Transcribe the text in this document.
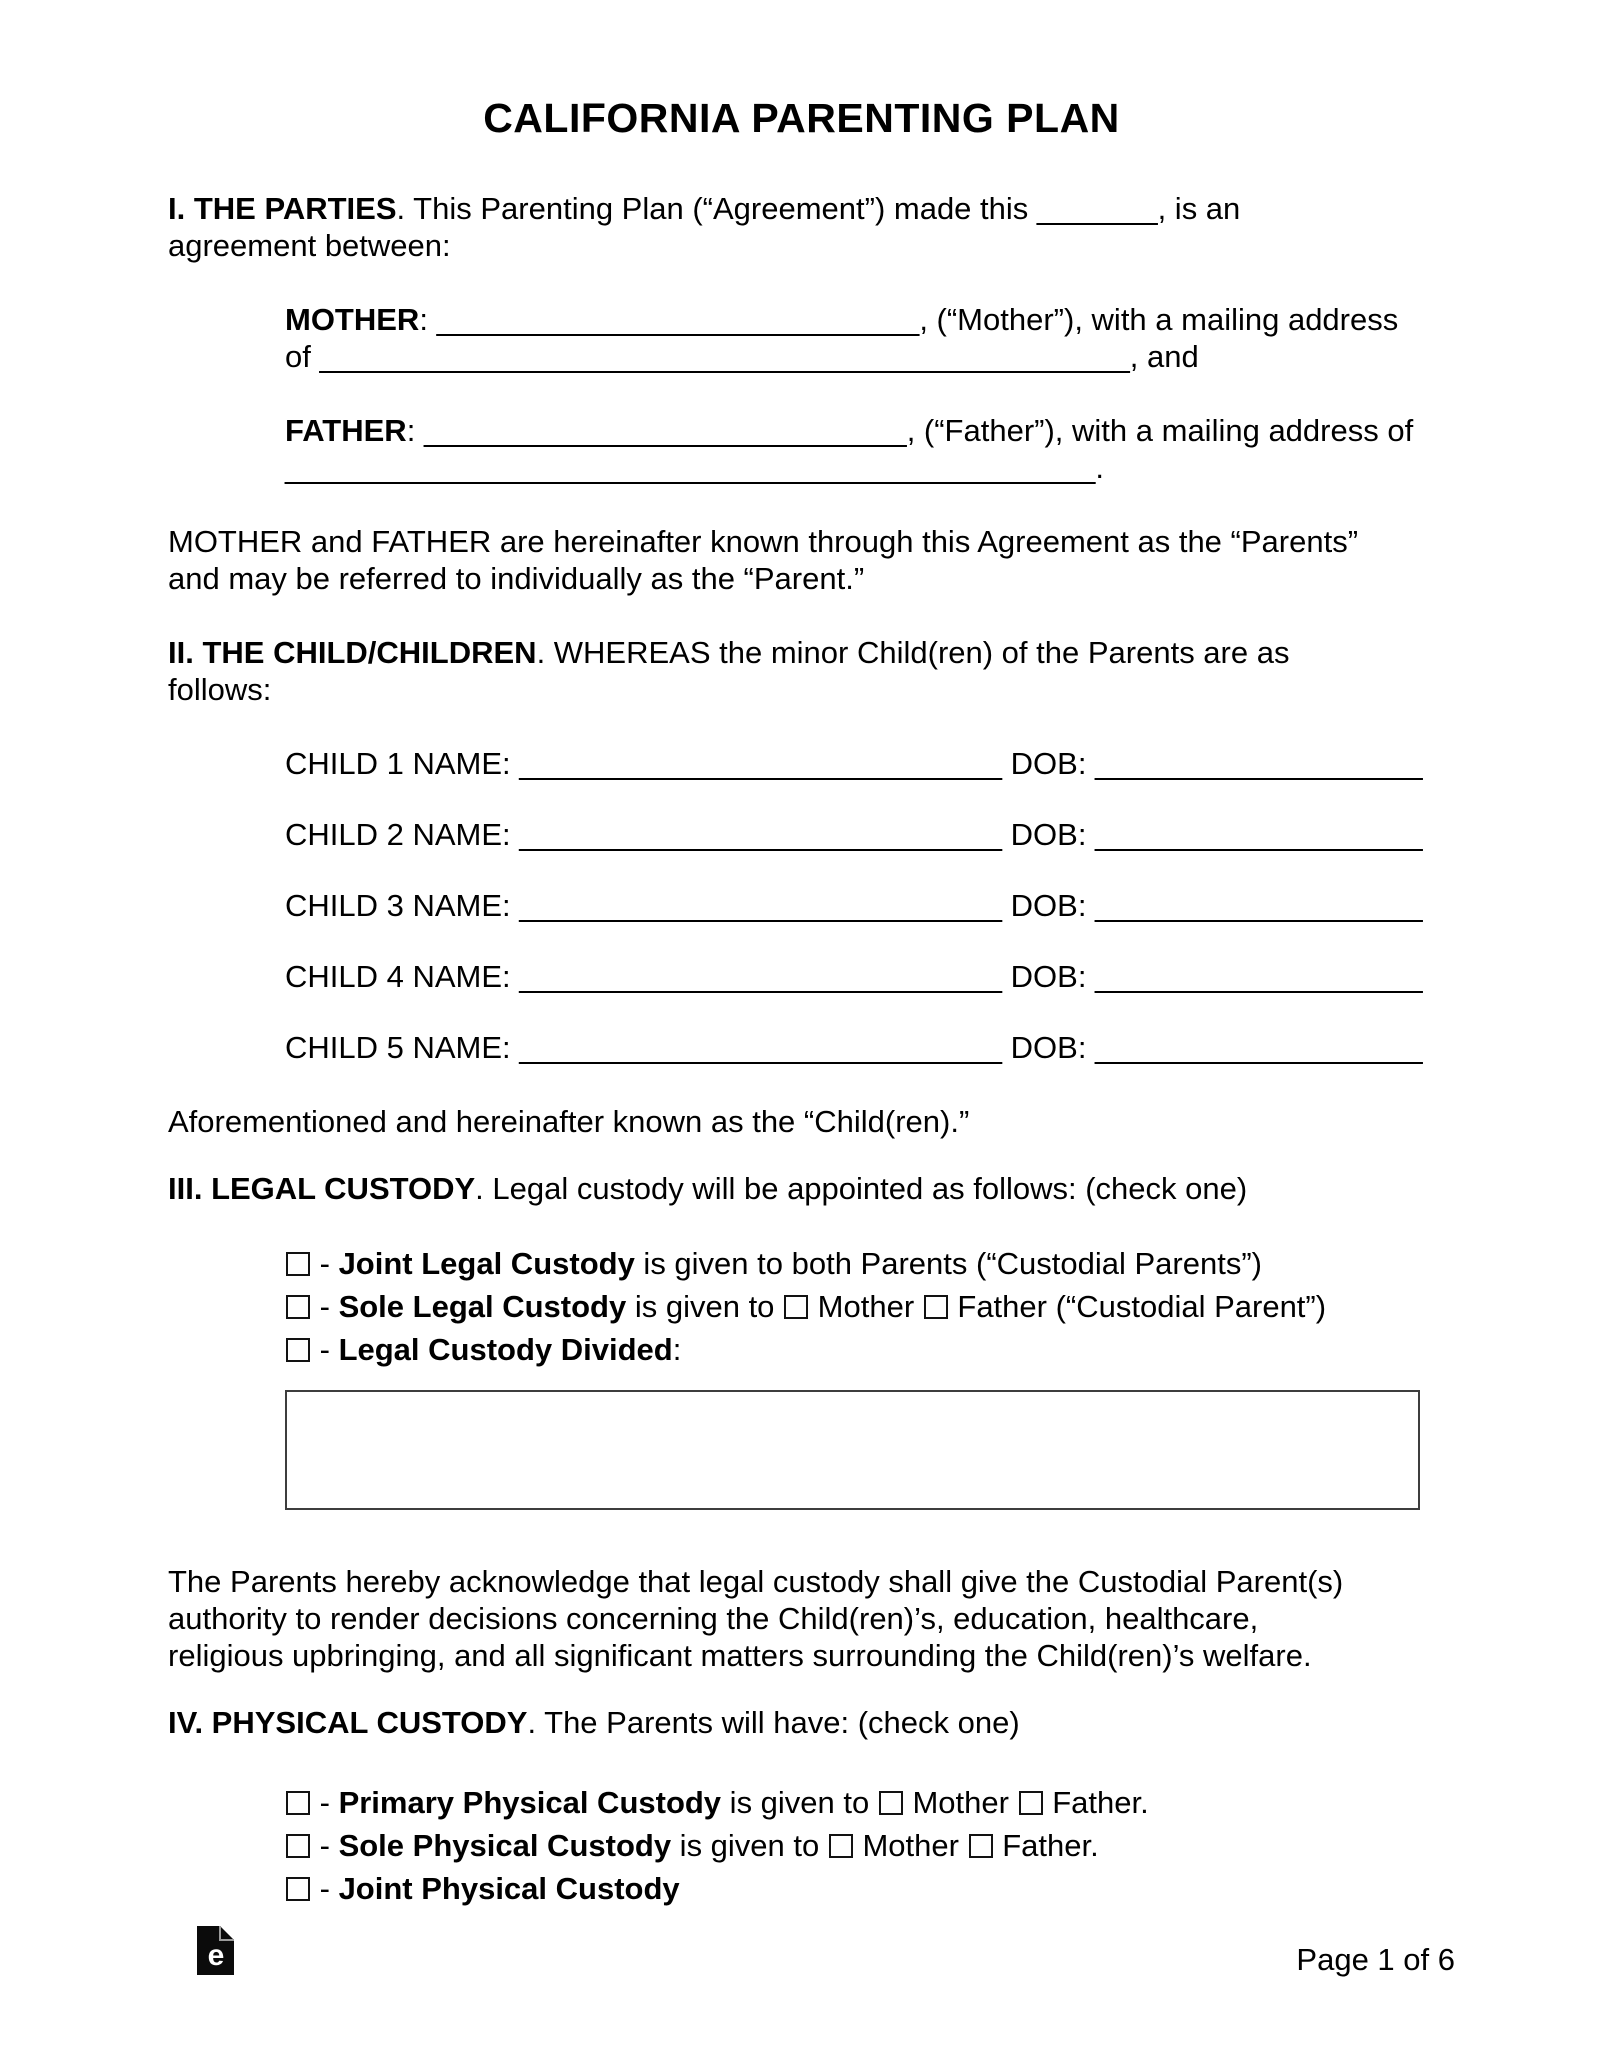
CALIFORNIA PARENTING PLAN
I. THE PARTIES. This Parenting Plan (“Agreement”) made this _______, is an
agreement between:
MOTHER: ____________________________, (“Mother”), with a mailing address
of _______________________________________________, and
FATHER: ____________________________, (“Father”), with a mailing address of
_______________________________________________.
MOTHER and FATHER are hereinafter known through this Agreement as the “Parents”
and may be referred to individually as the “Parent.”
II. THE CHILD/CHILDREN. WHEREAS the minor Child(ren) of the Parents are as
follows:
CHILD 1 NAME: ____________________________ DOB: ___________________
CHILD 2 NAME: ____________________________ DOB: ___________________
CHILD 3 NAME: ____________________________ DOB: ___________________
CHILD 4 NAME: ____________________________ DOB: ___________________
CHILD 5 NAME: ____________________________ DOB: ___________________
Aforementioned and hereinafter known as the “Child(ren).”
III. LEGAL CUSTODY. Legal custody will be appointed as follows: (check one)
- Joint Legal Custody is given to both Parents (“Custodial Parents”)
- Sole Legal Custody is given to  Mother  Father (“Custodial Parent”)
- Legal Custody Divided:
The Parents hereby acknowledge that legal custody shall give the Custodial Parent(s)
authority to render decisions concerning the Child(ren)’s, education, healthcare,
religious upbringing, and all significant matters surrounding the Child(ren)’s welfare.
IV. PHYSICAL CUSTODY. The Parents will have: (check one)
- Primary Physical Custody is given to  Mother  Father.
- Sole Physical Custody is given to  Mother  Father.
- Joint Physical Custody
e	Page 1 of 6
